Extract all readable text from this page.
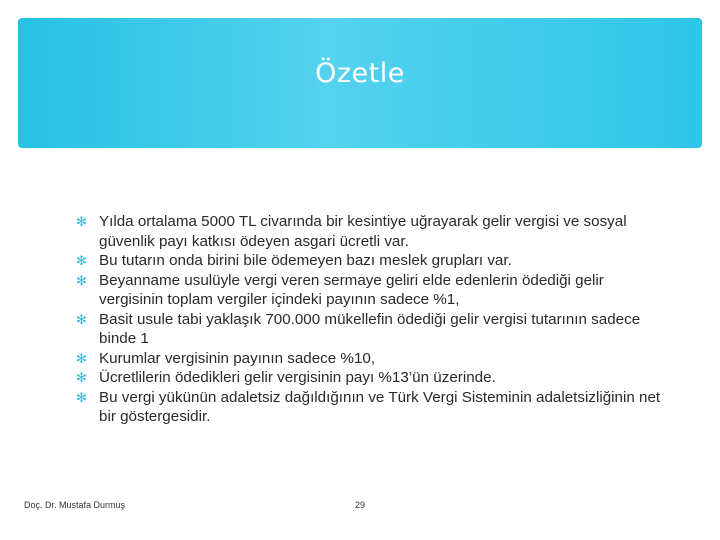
Özetle
✻ Yılda ortalama 5000 TL civarında bir kesintiye uğrayarak gelir vergisi ve sosyal güvenlik payı katkısı ödeyen asgari ücretli var.
✻ Bu tutarın onda birini bile ödemeyen bazı meslek grupları var.
✻ Beyanname usulüyle vergi veren sermaye geliri elde edenlerin ödediği gelir vergisinin toplam vergiler içindeki payının sadece %1,
✻ Basit usule tabi yaklaşık 700.000 mükellefin ödediği gelir vergisi tutarının sadece binde 1
✻ Kurumlar vergisinin payının sadece %10,
✻ Ücretlilerin ödedikleri gelir vergisinin payı %13’ün üzerinde.
✻ Bu vergi yükünün adaletsiz dağıldığının ve Türk Vergi Sisteminin adaletsizliğinin net bir göstergesidir.
Doç. Dr. Mustafa Durmuş	29
